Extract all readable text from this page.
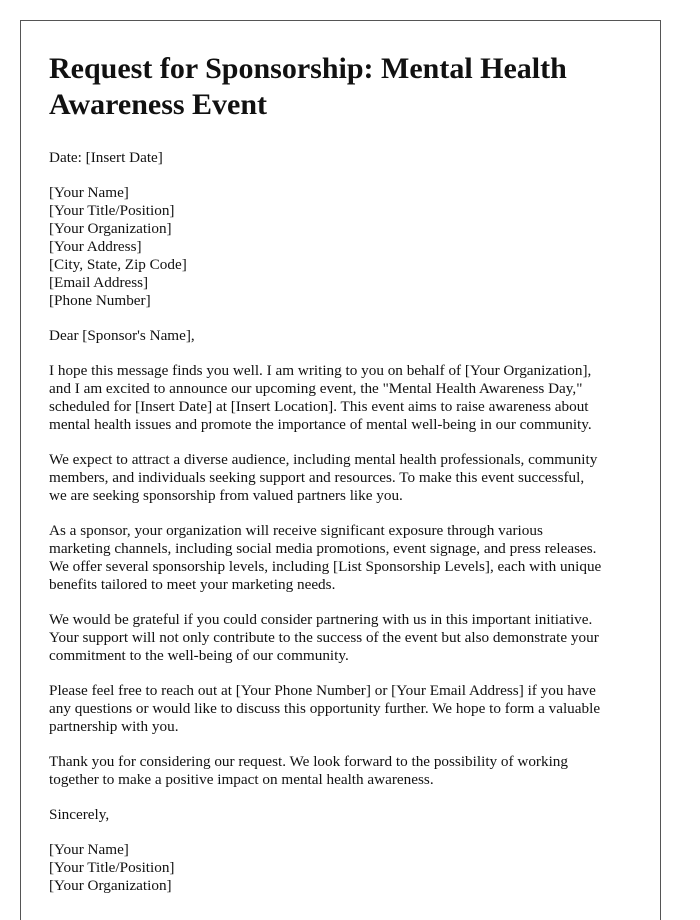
Request for Sponsorship: Mental Health Awareness Event

Date: [Insert Date]

[Your Name]
[Your Title/Position]
[Your Organization]
[Your Address]
[City, State, Zip Code]
[Email Address]
[Phone Number]

Dear [Sponsor's Name],

I hope this message finds you well. I am writing to you on behalf of [Your Organization],
and I am excited to announce our upcoming event, the "Mental Health Awareness Day,"
scheduled for [Insert Date] at [Insert Location]. This event aims to raise awareness about
mental health issues and promote the importance of mental well-being in our community.

We expect to attract a diverse audience, including mental health professionals, community
members, and individuals seeking support and resources. To make this event successful,
we are seeking sponsorship from valued partners like you.

As a sponsor, your organization will receive significant exposure through various
marketing channels, including social media promotions, event signage, and press releases.
We offer several sponsorship levels, including [List Sponsorship Levels], each with unique
benefits tailored to meet your marketing needs.

We would be grateful if you could consider partnering with us in this important initiative.
Your support will not only contribute to the success of the event but also demonstrate your
commitment to the well-being of our community.

Please feel free to reach out at [Your Phone Number] or [Your Email Address] if you have
any questions or would like to discuss this opportunity further. We hope to form a valuable
partnership with you.

Thank you for considering our request. We look forward to the possibility of working
together to make a positive impact on mental health awareness.

Sincerely,

[Your Name]
[Your Title/Position]
[Your Organization]
